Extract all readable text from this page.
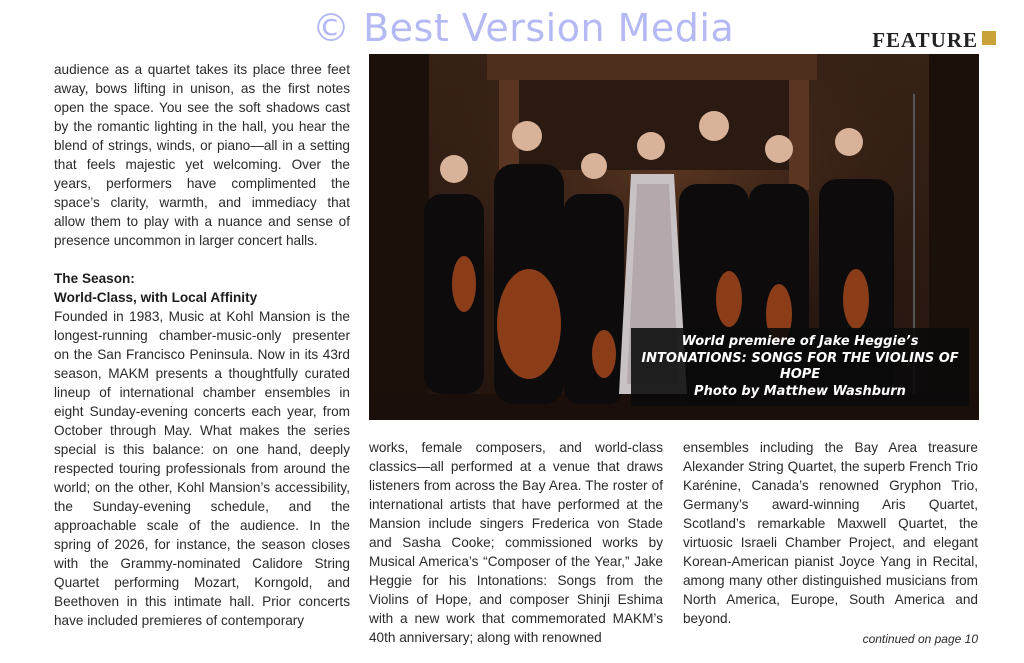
© Best Version Media	FEATURE

audience as a quartet takes its place three feet away, bows lifting in unison, as the first notes open the space. You see the soft shadows cast by the romantic lighting in the hall, you hear the blend of strings, winds, or piano—all in a setting that feels majestic yet welcoming. Over the years, performers have complimented the space’s clarity, warmth, and immediacy that allow them to play with a nuance and sense of presence uncommon in larger concert halls.

The Season:
World-Class, with Local Affinity

Founded in 1983, Music at Kohl Mansion is the longest-running chamber-music-only presenter on the San Francisco Peninsula. Now in its 43rd season, MAKM presents a thoughtfully curated lineup of international chamber ensembles in eight Sunday-evening concerts each year, from October through May. What makes the series special is this balance: on one hand, deeply respected touring professionals from around the world; on the other, Kohl Mansion’s accessibility, the Sunday-evening schedule, and the approachable scale of the audience. In the spring of 2026, for instance, the season closes with the Grammy-nominated Calidore String Quartet performing Mozart, Korngold, and Beethoven in this intimate hall. Prior concerts have included premieres of contemporary

World premiere of Jake Heggie’s
INTONATIONS: SONGS FOR THE VIOLINS OF HOPE
Photo by Matthew Washburn

works, female composers, and world-class classics—all performed at a venue that draws listeners from across the Bay Area. The roster of international artists that have performed at the Mansion include singers Frederica von Stade and Sasha Cooke; commissioned works by Musical America’s “Composer of the Year,” Jake Heggie for his Intonations: Songs from the Violins of Hope, and composer Shinji Eshima with a new work that commemorated MAKM’s 40th anniversary; along with renowned

ensembles including the Bay Area treasure Alexander String Quartet, the superb French Trio Karénine, Canada’s renowned Gryphon Trio, Germany’s award-winning Aris Quartet, Scotland’s remarkable Maxwell Quartet, the virtuosic Israeli Chamber Project, and elegant Korean-American pianist Joyce Yang in Recital, among many other distinguished musicians from North America, Europe, South America and beyond.

continued on page 10
